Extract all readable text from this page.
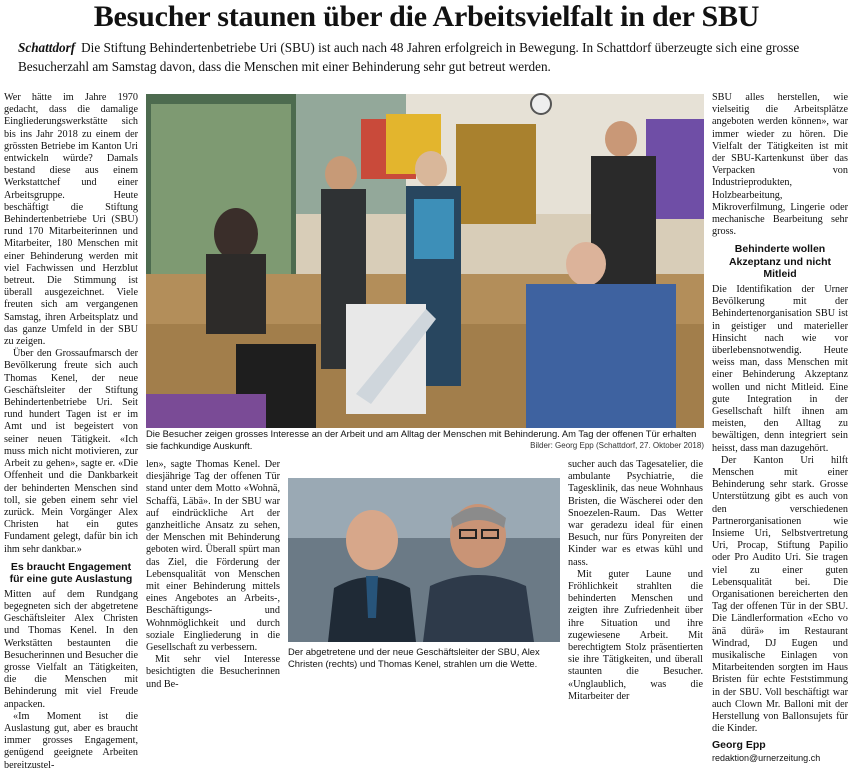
Besucher staunen über die Arbeitsvielfalt in der SBU
Schattdorf Die Stiftung Behindertenbetriebe Uri (SBU) ist auch nach 48 Jahren erfolgreich in Bewegung. In Schattdorf überzeugte sich eine grosse Besucherzahl am Samstag davon, dass die Menschen mit einer Behinderung sehr gut betreut werden.

Wer hätte im Jahre 1970 gedacht, dass die damalige Eingliederungswerkstätte sich bis ins Jahr 2018 zu einem der grössten Betriebe im Kanton Uri entwickeln würde? Damals bestand diese aus einem Werkstattchef und einer Arbeitsgruppe. Heute beschäftigt die Stiftung Behindertenbetriebe Uri (SBU) rund 170 Mitarbeiterinnen und Mitarbeiter, 180 Menschen mit einer Behinderung werden mit viel Fachwissen und Herzblut betreut. Die Stimmung ist überall ausgezeichnet. Viele freuten sich am vergangenen Samstag, ihren Arbeitsplatz und das ganze Umfeld in der SBU zu zeigen.

Über den Grossaufmarsch der Bevölkerung freute sich auch Thomas Kenel, der neue Geschäftsleiter der Stiftung Behindertenbetriebe Uri. Seit rund hundert Tagen ist er im Amt und ist begeistert von seiner neuen Tätigkeit. «Ich muss mich nicht motivieren, zur Arbeit zu gehen», sagte er. «Die Offenheit und die Dankbarkeit der behinderten Menschen sind toll, sie geben einem sehr viel zurück. Mein Vorgänger Alex Christen hat ein gutes Fundament gelegt, dafür bin ich ihm sehr dankbar.»

Es braucht Engagement für eine gute Auslastung

Mitten auf dem Rundgang begegneten sich der abgetretene Geschäftsleiter Alex Christen und Thomas Kenel. In den Werkstätten bestaunten die Besucherinnen und Besucher die grosse Vielfalt an Tätigkeiten, die die Menschen mit Behinderung mit viel Freude anpacken.

«Im Moment ist die Auslastung gut, aber es braucht immer grosses Engagement, genügend geeignete Arbeiten bereitzustel-

Die Besucher zeigen grosses Interesse an der Arbeit und am Alltag der Menschen mit Behinderung. Am Tag der offenen Tür erhalten sie fachkundige Auskunft.	Bilder: Georg Epp (Schattdorf, 27. Oktober 2018)

len», sagte Thomas Kenel. Der diesjährige Tag der offenen Tür stand unter dem Motto «Wohnä, Schaffä, Läbä». In der SBU war auf eindrückliche Art der ganzheitliche Ansatz zu sehen, der Menschen mit Behinderung geboten wird. Überall spürt man das Ziel, die Förderung der Lebensqualität von Menschen mit einer Behinderung mittels eines Angebotes an Arbeits-, Beschäftigungs- und Wohnmöglichkeit und durch soziale Eingliederung in die Gesellschaft zu verbessern.

Mit sehr viel Interesse besichtigten die Besucherinnen und Be-

Der abgetretene und der neue Geschäftsleiter der SBU, Alex Christen (rechts) und Thomas Kenel, strahlen um die Wette.

sucher auch das Tagesatelier, die ambulante Psychiatrie, die Tagesklinik, das neue Wohnhaus Bristen, die Wäscherei oder den Snoezelen-Raum. Das Wetter war geradezu ideal für einen Besuch, nur fürs Ponyreiten der Kinder war es etwas kühl und nass.

Mit guter Laune und Fröhlichkeit strahlten die behinderten Menschen und zeigten ihre Zufriedenheit über ihre Situation und ihre zugewiesene Arbeit. Mit berechtigtem Stolz präsentierten sie ihre Tätigkeiten, und überall staunten die Besucher. «Unglaublich, was die Mitarbeiter der

SBU alles herstellen, wie vielseitig die Arbeitsplätze angeboten werden können», war immer wieder zu hören. Die Vielfalt der Tätigkeiten ist mit der SBU-Kartenkunst über das Verpacken von Industrieprodukten, Holzbearbeitung, Mikroverfilmung, Lingerie oder mechanische Bearbeitung sehr gross.

Behinderte wollen Akzeptanz und nicht Mitleid

Die Identifikation der Urner Bevölkerung mit der Behindertenorganisation SBU ist in geistiger und materieller Hinsicht nach wie vor überlebensnotwendig. Heute weiss man, dass Menschen mit einer Behinderung Akzeptanz wollen und nicht Mitleid. Eine gute Integration in der Gesellschaft hilft ihnen am meisten, den Alltag zu bewältigen, denn integriert sein heisst, dass man dazugehört.

Der Kanton Uri hilft Menschen mit einer Behinderung sehr stark. Grosse Unterstützung gibt es auch von den verschiedenen Partnerorganisationen wie Insieme Uri, Selbstvertretung Uri, Procap, Stiftung Papilio oder Pro Audito Uri. Sie tragen viel zu einer guten Lebensqualität bei. Die Organisationen bereicherten den Tag der offenen Tür in der SBU. Die Ländlerformation «Echo vo änä dürä» im Restaurant Windrad, DJ Eugen und musikalische Einlagen von Mitarbeitenden sorgten im Haus Bristen für echte Feststimmung in der SBU. Voll beschäftigt war auch Clown Mr. Balloni mit der Herstellung von Ballonsujets für die Kinder.

Georg Epp
redaktion@urnerzeitung.ch
